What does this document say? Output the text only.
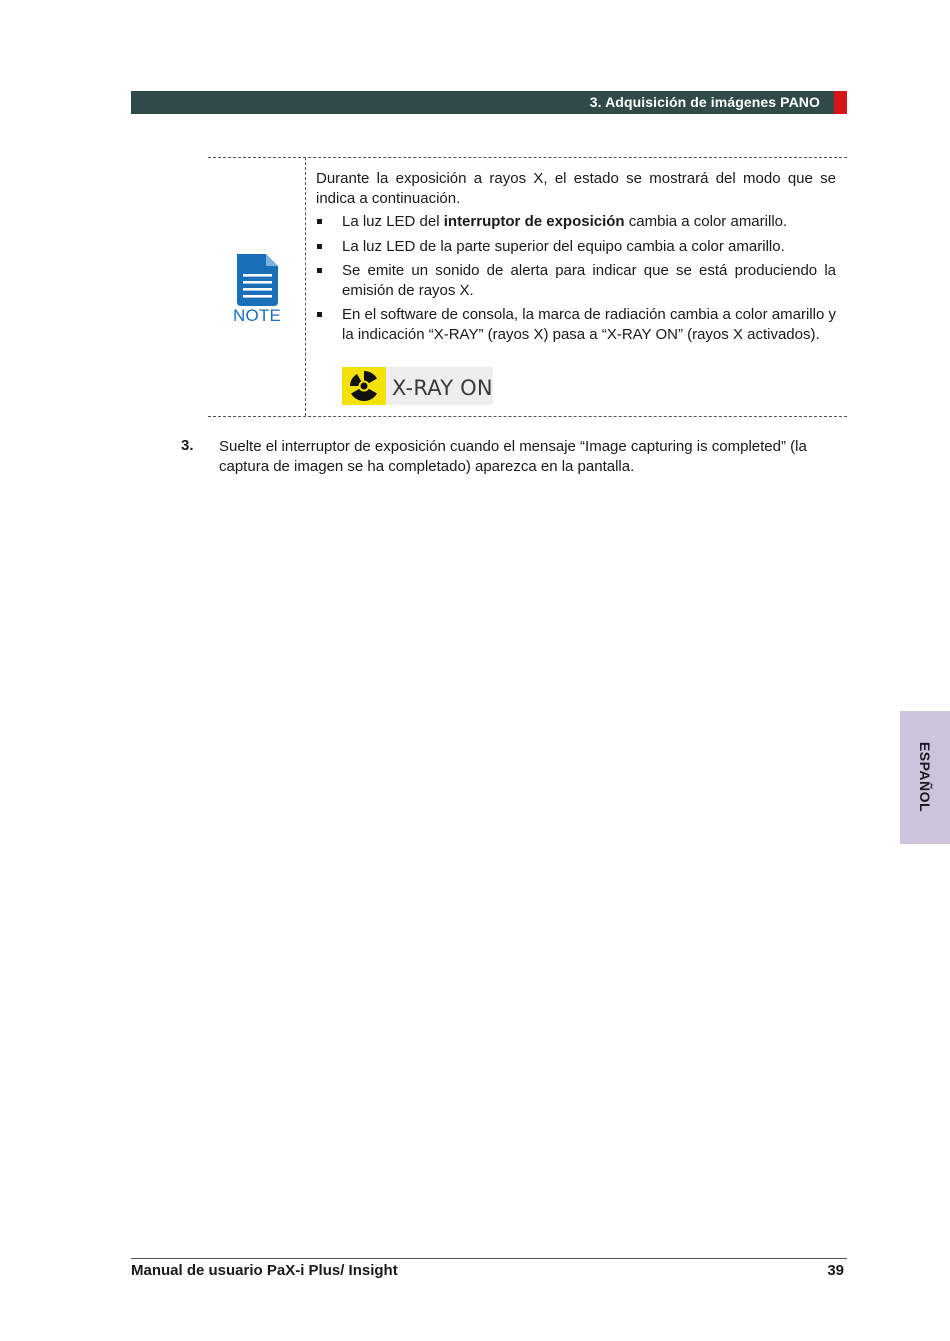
3. Adquisición de imágenes PANO
NOTE

Durante la exposición a rayos X, el estado se mostrará del modo que se indica a continuación.

La luz LED del interruptor de exposición cambia a color amarillo.
La luz LED de la parte superior del equipo cambia a color amarillo.
Se emite un sonido de alerta para indicar que se está produciendo la emisión de rayos X.
En el software de consola, la marca de radiación cambia a color amarillo y la indicación “X-RAY” (rayos X) pasa a “X-RAY ON” (rayos X activados).
X-RAY ON
3. Suelte el interruptor de exposición cuando el mensaje “Image capturing is completed” (la captura de imagen se ha completado) aparezca en la pantalla.
ESPAÑOL
Manual de usuario PaX-i Plus/ Insight	39
